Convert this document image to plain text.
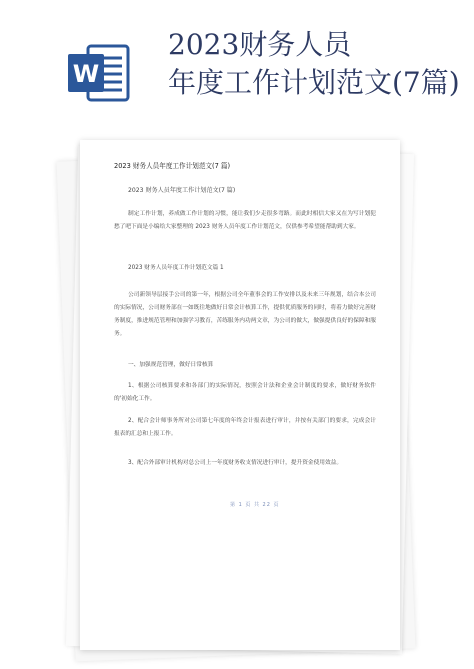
W
2023财务人员
年度工作计划范文(7篇)
2023 财务人员年度工作计划范文(7 篇)
2023 财务人员年度工作计划范文(7 篇)
制定工作计划，养成做工作计划的习惯，能让我们少走很多弯路。而此时相信大家又在为写计划犯愁了吧下面是小编给大家整理的 2023 财务人员年度工作计划范文，仅供参考希望能帮助到大家。
2023 财务人员年度工作计划范文篇 1
公司新领导层接手公司的第一年，根据公司全年董事会的工作安排以及未来三年规划，结合本公司的实际情况，公司财务部在一如既往地做好日常会计核算工作，提供优质服务的同时，将着力做好完善财务制度，推进规范管理和加强学习教育，苦练服务内功两文章，为公司的做大，做强提供良好的保障和服务。
一、加强规范管理，做好日常核算
1、根据公司核算要求和各部门的实际情况，按照会计法和企业会计制度的要求，做好财务软件的'初始化工作。
2、配合会计师事务所对公司第七年度的年终会计报表进行审计，并按有关部门的要求，完成会计报表的汇总和上报工作。
3、配合外部审计机构对总公司上一年度财务收支情况进行审计，提升资金使用效益。
第 1 页 共 22 页
